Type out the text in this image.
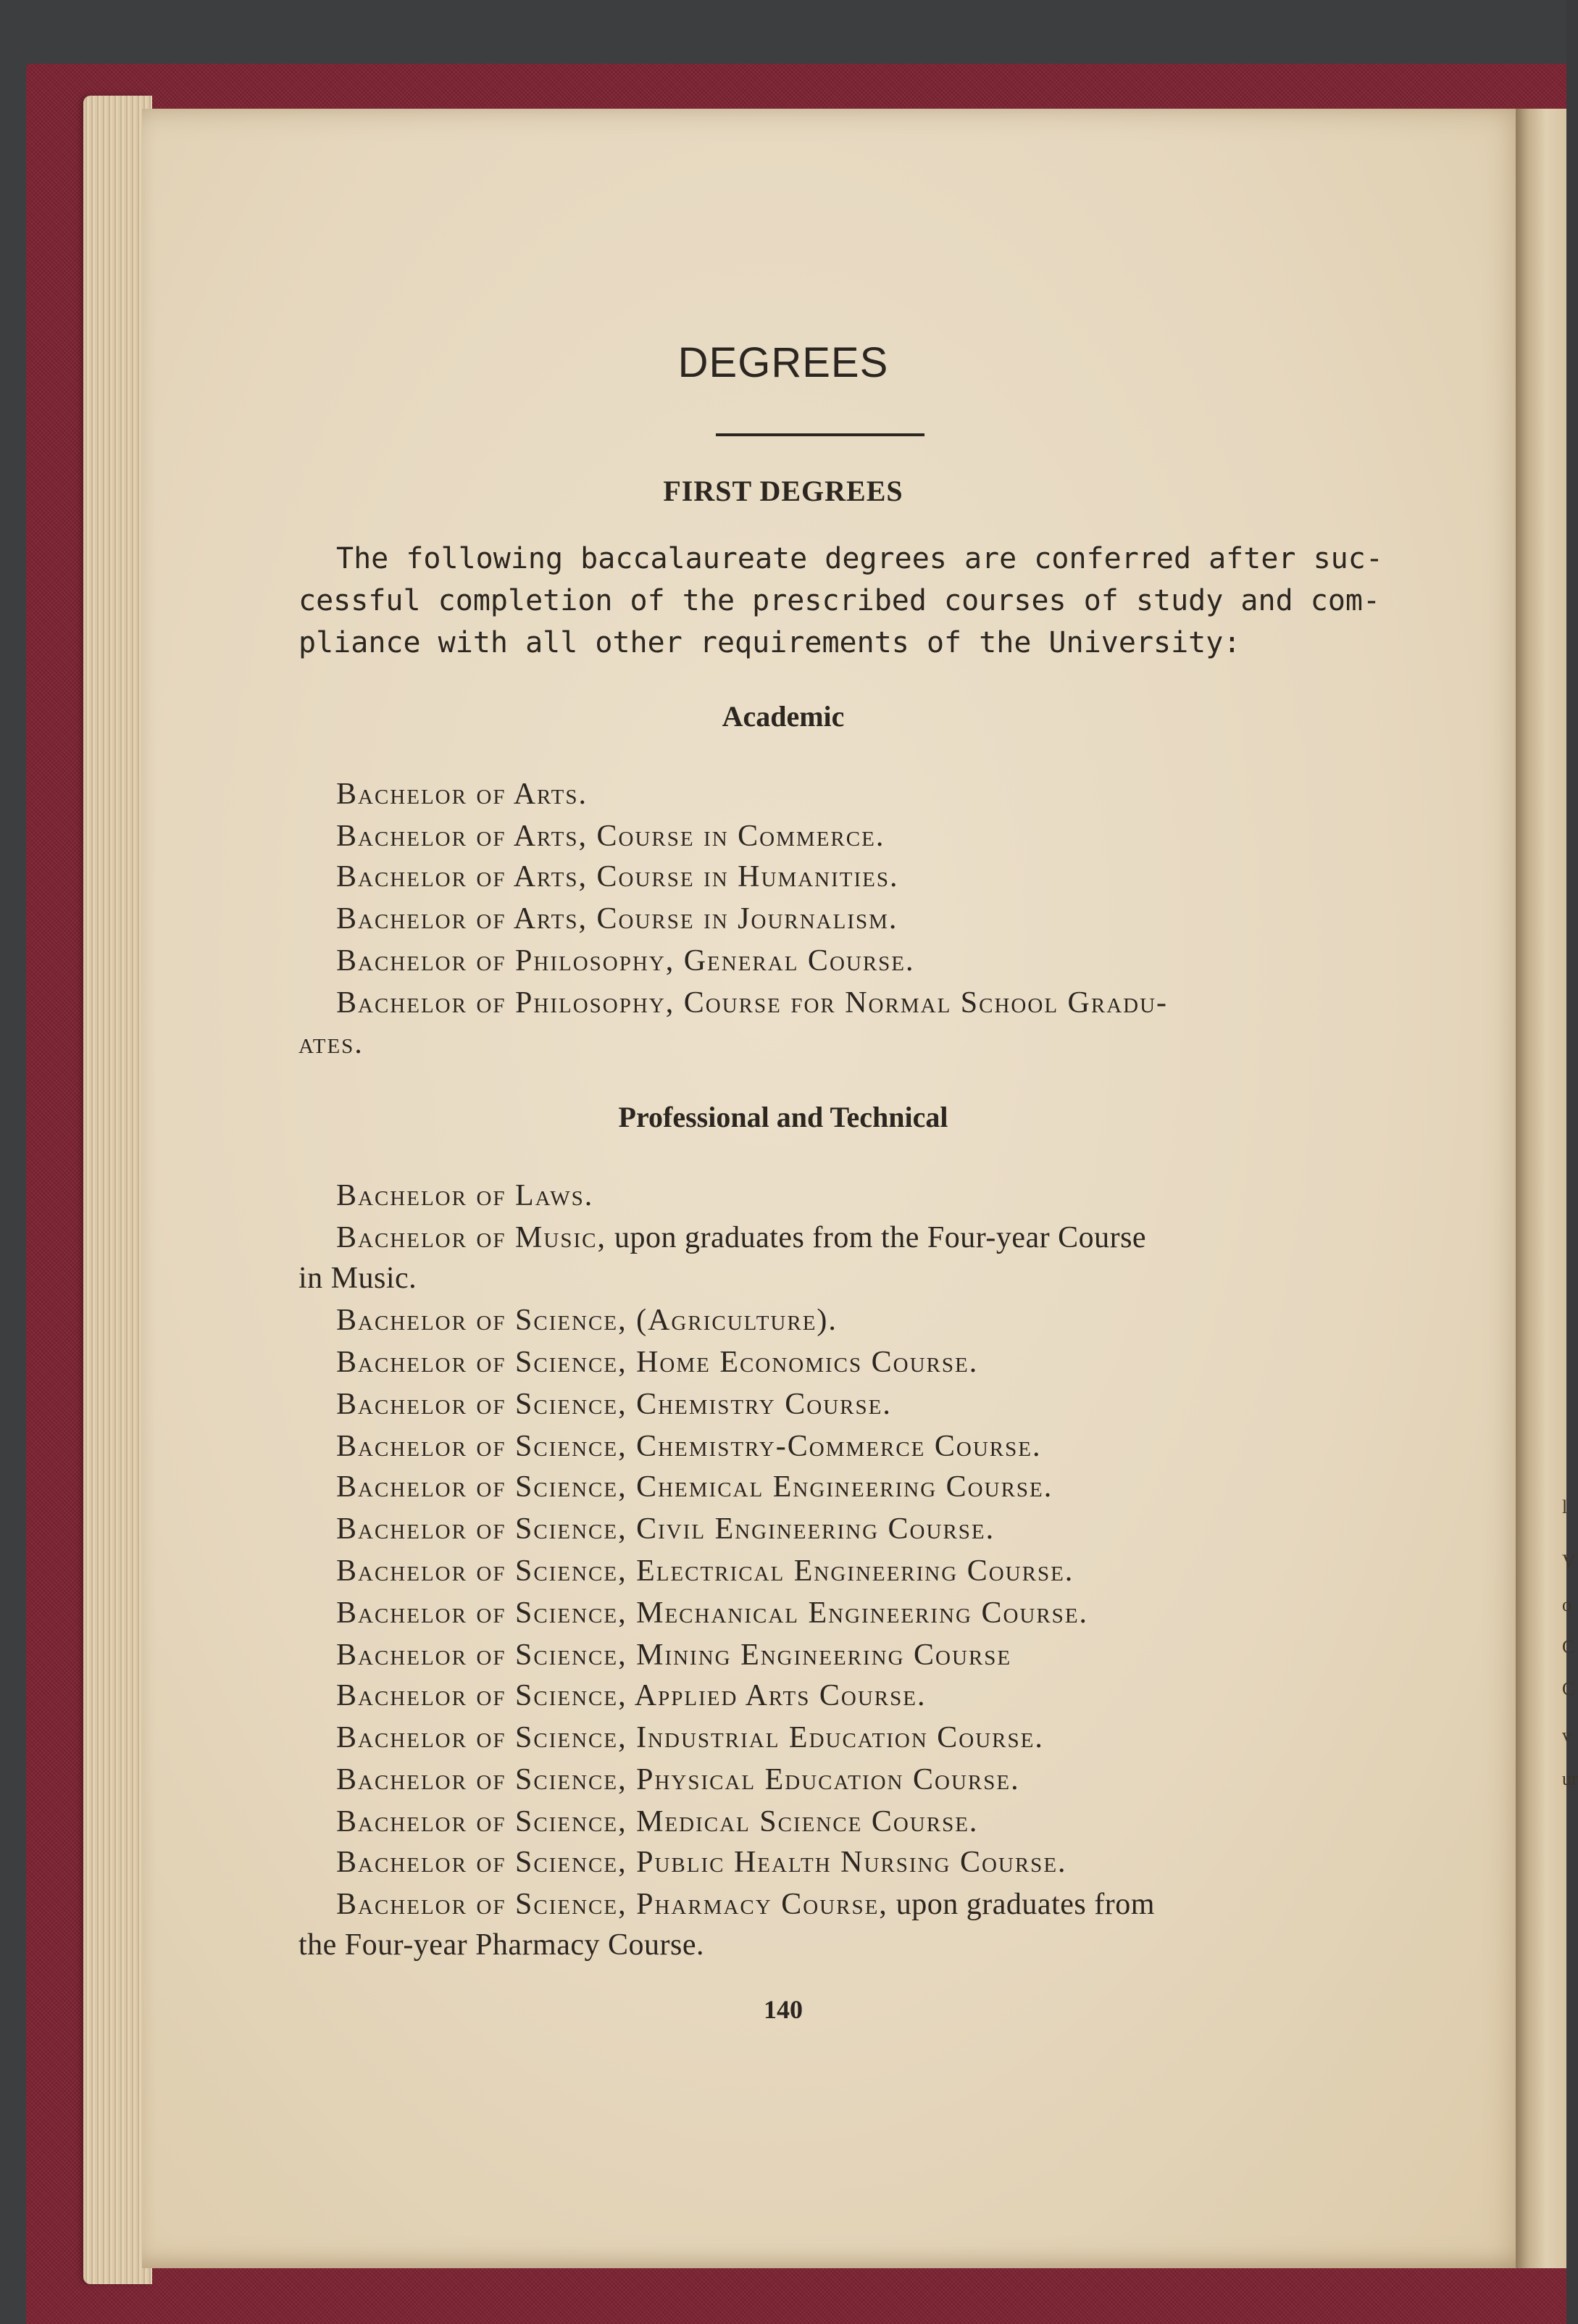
l
V
o
C
C
v
ur
DEGREES
FIRST DEGREES
The following baccalaureate degrees are conferred after suc-
cessful completion of the prescribed courses of study and com-
pliance with all other requirements of the University:
Academic
Bachelor of Arts.
Bachelor of Arts, Course in Commerce.
Bachelor of Arts, Course in Humanities.
Bachelor of Arts, Course in Journalism.
Bachelor of Philosophy, General Course.
Bachelor of Philosophy, Course for Normal School Gradu-
ates.
Professional and Technical
Bachelor of Laws.
Bachelor of Music, upon graduates from the Four-year Course
in Music.
Bachelor of Science, (Agriculture).
Bachelor of Science, Home Economics Course.
Bachelor of Science, Chemistry Course.
Bachelor of Science, Chemistry-Commerce Course.
Bachelor of Science, Chemical Engineering Course.
Bachelor of Science, Civil Engineering Course.
Bachelor of Science, Electrical Engineering Course.
Bachelor of Science, Mechanical Engineering Course.
Bachelor of Science, Mining Engineering Course
Bachelor of Science, Applied Arts Course.
Bachelor of Science, Industrial Education Course.
Bachelor of Science, Physical Education Course.
Bachelor of Science, Medical Science Course.
Bachelor of Science, Public Health Nursing Course.
Bachelor of Science, Pharmacy Course, upon graduates from
the Four-year Pharmacy Course.
140
